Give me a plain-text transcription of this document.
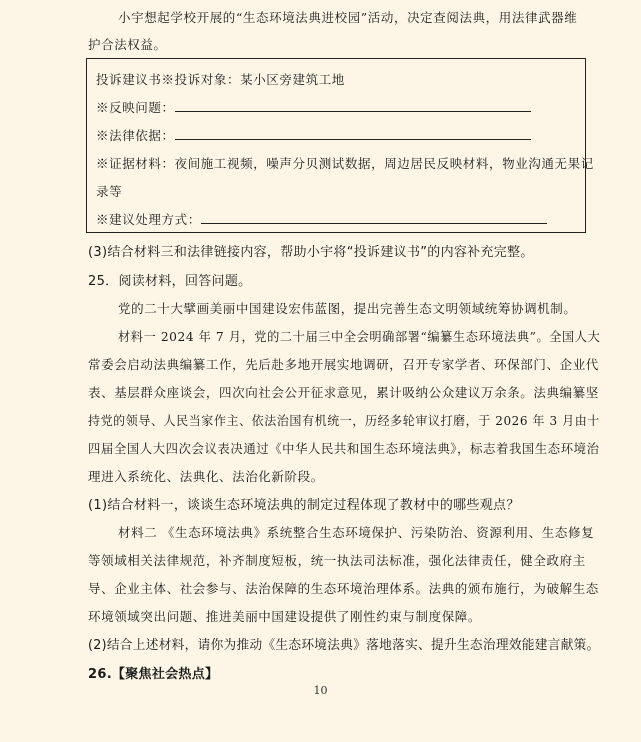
小宇想起学校开展的“生态环境法典进校园”活动，决定查阅法典，用法律武器维
护合法权益。
投诉建议书※投诉对象：某小区旁建筑工地
※反映问题：
※法律依据：
※证据材料：夜间施工视频，噪声分贝测试数据，周边居民反映材料，物业沟通无果记
录等
※建议处理方式：
(3)结合材料三和法律链接内容，帮助小宇将“投诉建议书”的内容补充完整。
25．阅读材料，回答问题。
党的二十大擘画美丽中国建设宏伟蓝图，提出完善生态文明领域统筹协调机制。
材料一 2024 年 7 月，党的二十届三中全会明确部署“编纂生态环境法典”。全国人大
常委会启动法典编纂工作，先后赴多地开展实地调研，召开专家学者、环保部门、企业代
表、基层群众座谈会，四次向社会公开征求意见，累计吸纳公众建议万余条。法典编纂坚
持党的领导、人民当家作主、依法治国有机统一，历经多轮审议打磨，于 2026 年 3 月由十
四届全国人大四次会议表决通过《中华人民共和国生态环境法典》，标志着我国生态环境治
理进入系统化、法典化、法治化新阶段。
(1)结合材料一，谈谈生态环境法典的制定过程体现了教材中的哪些观点？
材料二 《生态环境法典》系统整合生态环境保护、污染防治、资源利用、生态修复
等领域相关法律规范，补齐制度短板，统一执法司法标准，强化法律责任，健全政府主
导、企业主体、社会参与、法治保障的生态环境治理体系。法典的颁布施行，为破解生态
环境领域突出问题、推进美丽中国建设提供了刚性约束与制度保障。
(2)结合上述材料，请你为推动《生态环境法典》落地落实、提升生态治理效能建言献策。
26.【聚焦社会热点】
10
